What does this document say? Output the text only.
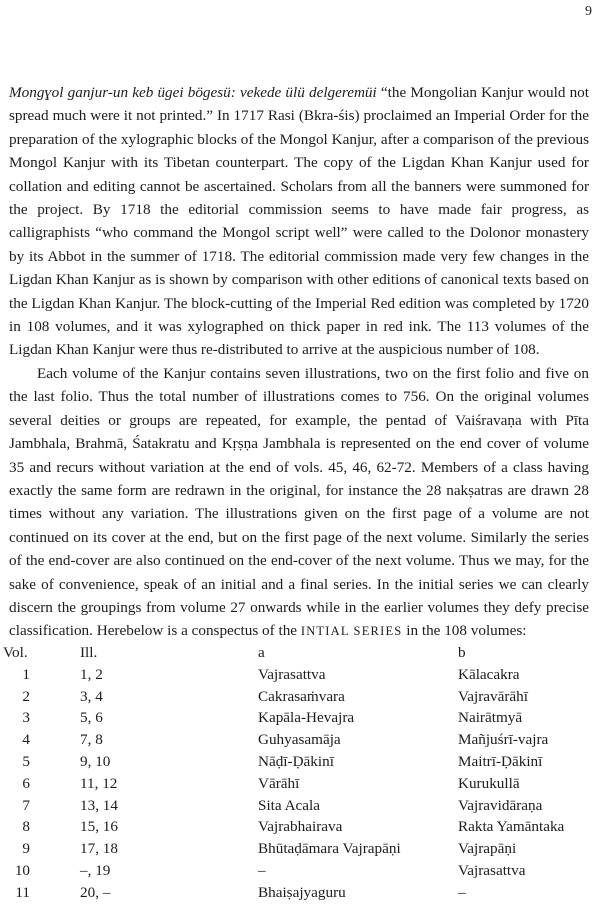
9

Mongɣol ganjur-un keb ügei bögesü: vekede ülü delgeremüi “the Mongolian Kanjur would not spread much were it not printed.” In 1717 Rasi (Bkra-śis) proclaimed an Imperial Order for the preparation of the xylographic blocks of the Mongol Kanjur, after a comparison of the previous Mongol Kanjur with its Tibetan counterpart. The copy of the Ligdan Khan Kanjur used for collation and editing cannot be ascertained. Scholars from all the banners were summoned for the project. By 1718 the editorial commission seems to have made fair progress, as calligraphists “who command the Mongol script well” were called to the Dolonor monastery by its Abbot in the summer of 1718. The editorial commission made very few changes in the Ligdan Khan Kanjur as is shown by comparison with other editions of canonical texts based on the Ligdan Khan Kanjur. The block-cutting of the Imperial Red edition was completed by 1720 in 108 volumes, and it was xylographed on thick paper in red ink. The 113 volumes of the Ligdan Khan Kanjur were thus re-distributed to arrive at the auspicious number of 108.

Each volume of the Kanjur contains seven illustrations, two on the first folio and five on the last folio. Thus the total number of illustrations comes to 756. On the original volumes several deities or groups are repeated, for example, the pentad of Vaiśravaṇa with Pīta Jambhala, Brahmā, Śatakratu and Kṛṣṇa Jambhala is represented on the end cover of volume 35 and recurs without variation at the end of vols. 45, 46, 62-72. Members of a class having exactly the same form are redrawn in the original, for instance the 28 nakṣatras are drawn 28 times without any variation. The illustrations given on the first page of a volume are not continued on its cover at the end, but on the first page of the next volume. Similarly the series of the end-cover are also continued on the end-cover of the next volume. Thus we may, for the sake of convenience, speak of an initial and a final series. In the initial series we can clearly discern the groupings from volume 27 onwards while in the earlier volumes they defy precise classification. Herebelow is a conspectus of the INTIAL SERIES in the 108 volumes:

Vol.	Ill.	a	b
1	1, 2	Vajrasattva	Kālacakra
2	3, 4	Cakrasaṁvara	Vajravārāhī
3	5, 6	Kapāla-Hevajra	Nairātmyā
4	7, 8	Guhyasamāja	Mañjuśrī-vajra
5	9, 10	Nāḍī-Ḍākinī	Maitrī-Ḍākinī
6	11, 12	Vārāhī	Kurukullā
7	13, 14	Sita Acala	Vajravidāraṇa
8	15, 16	Vajrabhairava	Rakta Yamāntaka
9	17, 18	Bhūtaḍāmara Vajrapāṇi	Vajrapāṇi
10	–, 19	–	Vajrasattva
11	20, –	Bhaiṣajyaguru	–
